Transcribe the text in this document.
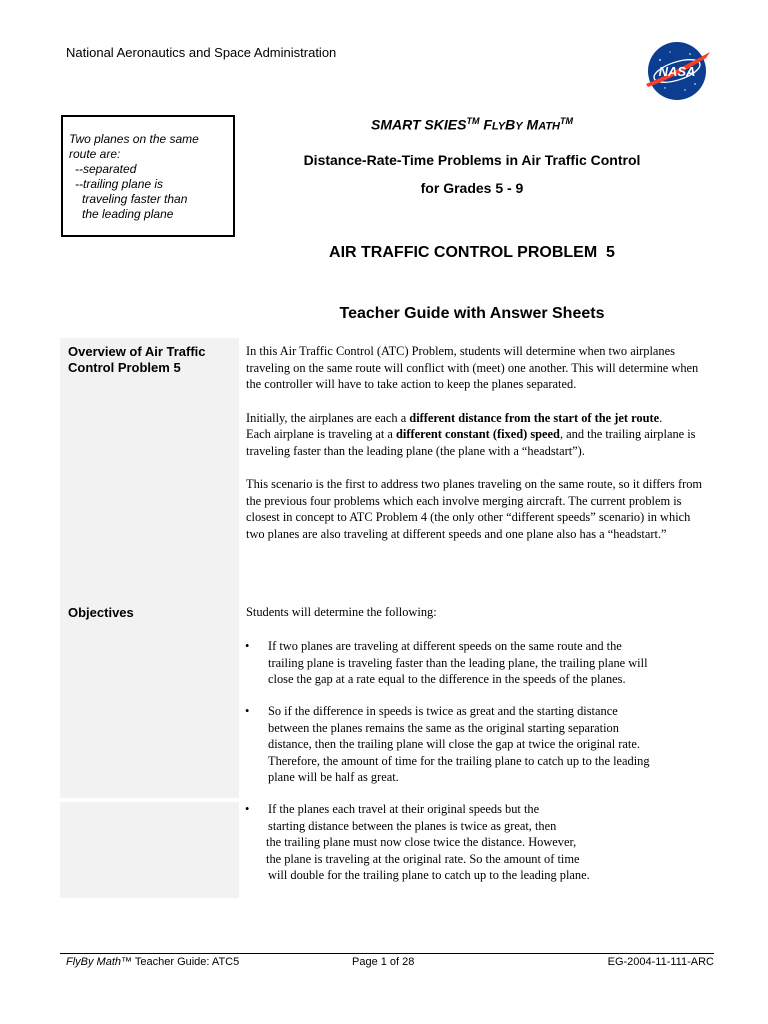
National Aeronautics and Space Administration
NASA
Two planes on the same
route are:
--separated
--trailing plane is
traveling faster than
the leading plane
SMART SKIES™ FLYBY MATH™
Distance-Rate-Time Problems in Air Traffic Control
for Grades 5 - 9
AIR TRAFFIC CONTROL PROBLEM  5
Teacher Guide with Answer Sheets
Overview of Air Traffic
Control Problem 5

In this Air Traffic Control (ATC) Problem, students will determine when two airplanes traveling on the same route will conflict with (meet) one another. This will determine when the controller will have to take action to keep the planes separated.

Initially, the airplanes are each a different distance from the start of the jet route.

Each airplane is traveling at a different constant (fixed) speed, and the trailing airplane is traveling faster than the leading plane (the plane with a “headstart”).

This scenario is the first to address two planes traveling on the same route, so it differs from the previous four problems which each involve merging aircraft. The current problem is closest in concept to ATC Problem 4 (the only other “different speeds” scenario) in which two planes are also traveling at different speeds and one plane also has a “headstart.”

Objectives	Students will determine the following:
•	If two planes are traveling at different speeds on the same route and the
trailing plane is traveling faster than the leading plane, the trailing plane will
close the gap at a rate equal to the difference in the speeds of the planes.
•	So if the difference in speeds is twice as great and the starting distance
between the planes remains the same as the original starting separation
distance, then the trailing plane will close the gap at twice the original rate.
Therefore, the amount of time for the trailing plane to catch up to the leading
plane will be half as great.
•	If the planes each travel at their original speeds but the
starting distance between the planes is twice as great, then
the trailing plane must now close twice the distance. However,
the plane is traveling at the original rate. So the amount of time
will double for the trailing plane to catch up to the leading plane.
FlyBy Math™ Teacher Guide: ATC5	Page 1 of 28	EG-2004-11-111-ARC
